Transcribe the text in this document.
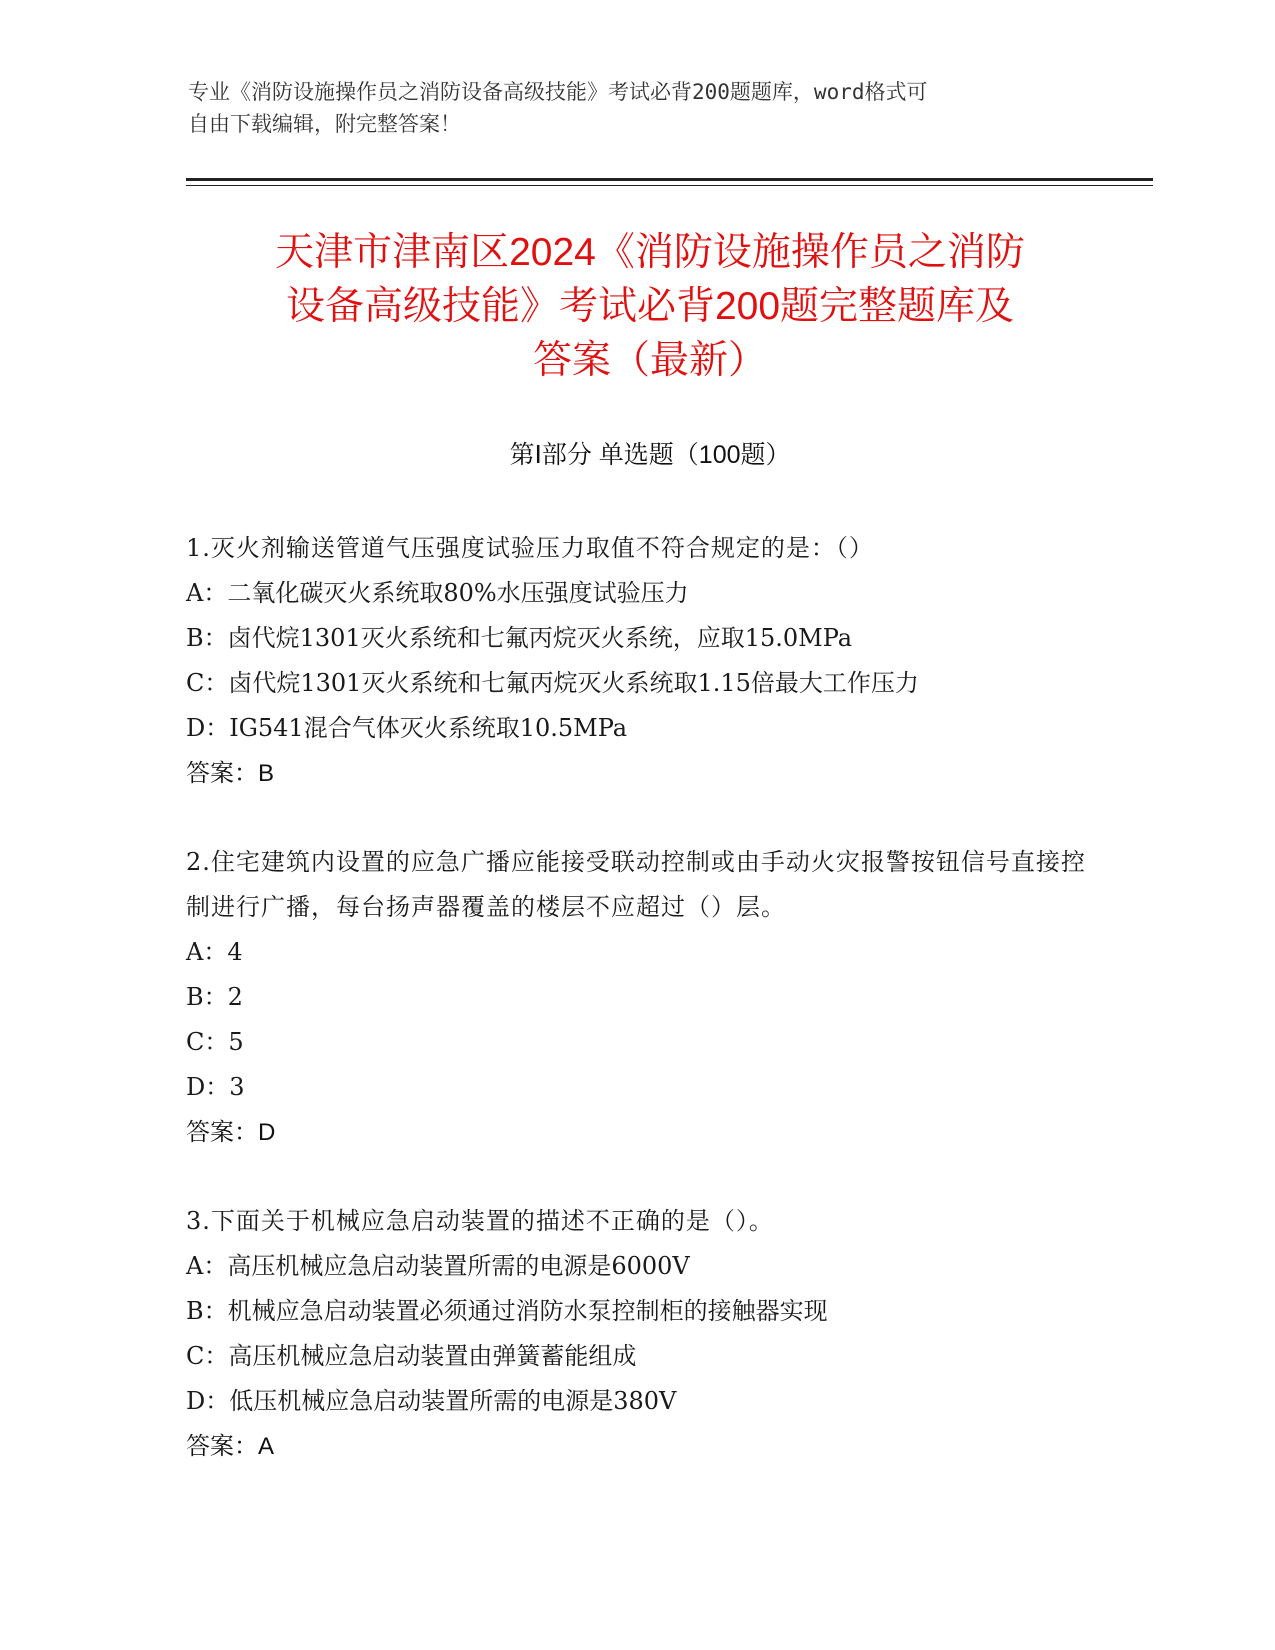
专业《消防设施操作员之消防设备高级技能》考试必背200题题库，word格式可
自由下载编辑，附完整答案！
天津市津南区2024《消防设施操作员之消防
设备高级技能》考试必背200题完整题库及
答案（最新）
第Ⅰ部分 单选题（100题）

1.灭火剂输送管道气压强度试验压力取值不符合规定的是：（）

A：二氧化碳灭火系统取80%水压强度试验压力

B：卤代烷1301灭火系统和七氟丙烷灭火系统，应取15.0MPa

C：卤代烷1301灭火系统和七氟丙烷灭火系统取1.15倍最大工作压力

D：IG541混合气体灭火系统取10.5MPa

答案：B

2.住宅建筑内设置的应急广播应能接受联动控制或由手动火灾报警按钮信号直接控制进行广播，每台扬声器覆盖的楼层不应超过（）层。

A：4

B：2

C：5

D：3

答案：D

3.下面关于机械应急启动装置的描述不正确的是（）。

A：高压机械应急启动装置所需的电源是6000V

B：机械应急启动装置必须通过消防水泵控制柜的接触器实现

C：高压机械应急启动装置由弹簧蓄能组成

D：低压机械应急启动装置所需的电源是380V

答案：A
